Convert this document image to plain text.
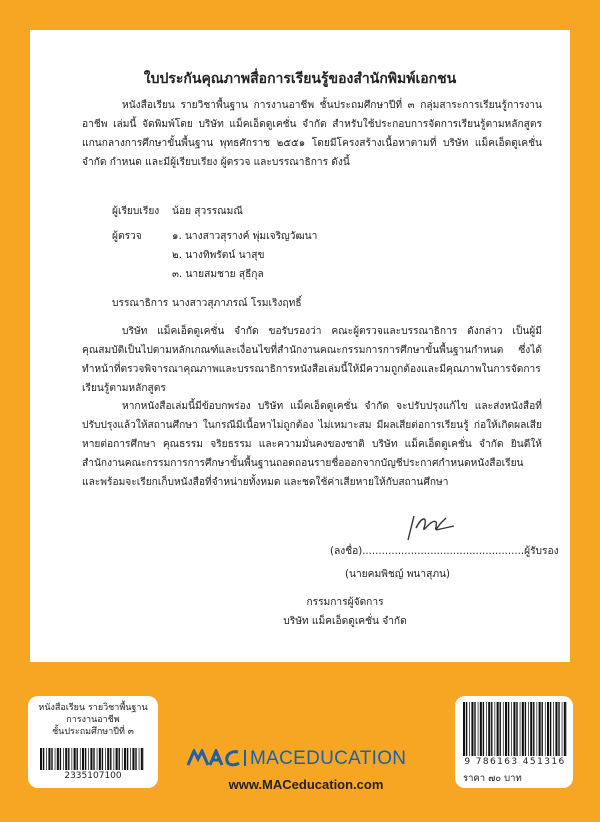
ใบประกันคุณภาพสื่อการเรียนรู้ของสำนักพิมพ์เอกชน
หนังสือเรียน รายวิชาพื้นฐาน การงานอาชีพ ชั้นประถมศึกษาปีที่ ๓ กลุ่มสาระการเรียนรู้การงานอาชีพ เล่มนี้ จัดพิมพ์โดย บริษัท แม็คเอ็ดดูเคชั่น จำกัด สำหรับใช้ประกอบการจัดการเรียนรู้ตามหลักสูตรแกนกลางการศึกษาขั้นพื้นฐาน พุทธศักราช ๒๕๕๑ โดยมีโครงสร้างเนื้อหาตามที่ บริษัท แม็คเอ็ดดูเคชั่น จำกัด กำหนด และมีผู้เรียบเรียง ผู้ตรวจ และบรรณาธิการ ดังนี้
ผู้เรียบเรียง น้อย สุวรรณมณี
ผู้ตรวจ	๑. นางสาวสุรางค์ พุ่มเจริญวัฒนา
๒. นางทิพรัตน์ นาสุข
๓. นายสมชาย สุธีกุล
บรรณาธิการ นางสาวสุภาภรณ์ โรมเริงฤทธิ์
บริษัท แม็คเอ็ดดูเคชั่น จำกัด ขอรับรองว่า คณะผู้ตรวจและบรรณาธิการ ดังกล่าว เป็นผู้มีคุณสมบัติเป็นไปตามหลักเกณฑ์และเงื่อนไขที่สำนักงานคณะกรรมการการศึกษาขั้นพื้นฐานกำหนด ซึ่งได้ทำหน้าที่ตรวจพิจารณาคุณภาพและบรรณาธิการหนังสือเล่มนี้ให้มีความถูกต้องและมีคุณภาพในการจัดการเรียนรู้ตามหลักสูตร
หากหนังสือเล่มนี้มีข้อบกพร่อง บริษัท แม็คเอ็ดดูเคชั่น จำกัด จะปรับปรุงแก้ไข และส่งหนังสือที่ปรับปรุงแล้วให้สถานศึกษา ในกรณีมีเนื้อหาไม่ถูกต้อง ไม่เหมาะสม มีผลเสียต่อการเรียนรู้ ก่อให้เกิดผลเสียหายต่อการศึกษา คุณธรรม จริยธรรม และความมั่นคงของชาติ บริษัท แม็คเอ็ดดูเคชั่น จำกัด ยินดีให้สำนักงานคณะกรรมการการศึกษาขั้นพื้นฐานถอดถอนรายชื่อออกจากบัญชีประกาศกำหนดหนังสือเรียน และพร้อมจะเรียกเก็บหนังสือที่จำหน่ายทั้งหมด และชดใช้ค่าเสียหายให้กับสถานศึกษา
(ลงชื่อ)..................................................ผู้รับรอง
(นายคมพิชญ์ พนาสุภน)
กรรมการผู้จัดการ
บริษัท แม็คเอ็ดดูเคชั่น จำกัด
หนังสือเรียน รายวิชาพื้นฐาน
การงานอาชีพ
ชั้นประถมศึกษาปีที่ ๓
2335107100
9 786163 451316
ราคา ๗๐ บาท
MACEDUCATION
www.MACeducation.com
